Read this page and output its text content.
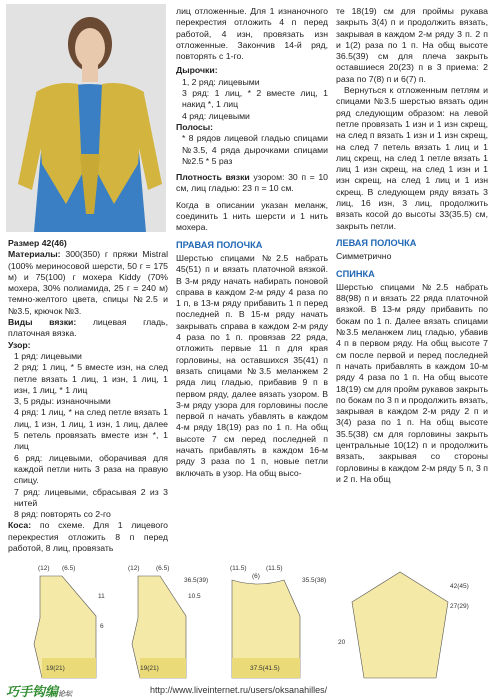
Размер 42(46)

Материалы: 300(350) г пряжи Mistral (100% мериносовой шерсти, 50 г = 175 м) и 75(100) г мохера Kiddy (70% мохера, 30% полиамида, 25 г = 240 м) темно-желтого цвета, спицы №2.5 и №3.5, крючок №3.

Виды вязки: лицевая гладь, платочная вязка.

Узор:

1 ряд: лицевыми

2 ряд: 1 лиц, * 5 вместе изн, на след петле вязать 1 лиц, 1 изн, 1 лиц, 1 изн, 1 лиц, * 1 лиц

3, 5 ряды: изнаночными

4 ряд: 1 лиц, * на след петле вязать 1 лиц, 1 изн, 1 лиц, 1 изн, 1 лиц, далее 5 петель провязать вместе изн *, 1 лиц

6 ряд: лицевыми, оборачивая для каждой петли нить 3 раза на правую спицу.

7 ряд: лицевыми, сбрасывая 2 из 3 нитей

8 ряд: повторять со 2-го

Коса: по схеме. Для 1 лицевого перекрестия отложить 8 п перед работой, 8 лиц, провязать

лиц отложенные. Для 1 изнаночного перекрестия отложить 4 п перед работой, 4 изн, провязать изн отложенные. Закончив 14-й ряд, повторять с 1-го.

Дырочки:

1, 2 ряд: лицевыми

3 ряд: 1 лиц, * 2 вместе лиц, 1 накид *, 1 лиц

4 ряд: лицевыми

Полосы:

* 8 рядов лицевой гладью спицами №3.5, 4 ряда дырочками спицами №2.5 * 5 раз

Плотность вязки узором: 30 п = 10 см, лиц гладью: 23 п = 10 см.

Когда в описании указан меланж, соединить 1 нить шерсти и 1 нить мохера.

ПРАВАЯ ПОЛОЧКА

Шерстью спицами №2.5 набрать 45(51) п и вязать платочной вязкой. В 3-м ряду начать набирать поновой справа в каждом 2-м ряду 4 раза по 1 п, в 13-м ряду прибавить 1 п перед последней п. В 15-м ряду начать закрывать справа в каждом 2-м ряду 4 раза по 1 п. провязав 22 ряда, отложить первые 11 п для края горловины, на оставшихся 35(41) п вязать спицами №3.5 меланжем 2 ряда лиц гладью, прибавив 9 п в первом ряду, далее вязать узором. В 3-м ряду узора для горловины после первой п начать убавлять в каждом 4-м ряду 18(19) раз по 1 п. На общ высоте 7 см перед последней п начать прибавлять в каждом 16-м ряду 3 раза по 1 п, новые петли включать в узор. На общ высо-

те 18(19) см для проймы рукава закрыть 3(4) п и продолжить вязать, закрывая в каждом 2-м ряду 3 п. 2 п и 1(2) раза по 1 п. На общ высоте 36.5(39) см для плеча закрыть оставшиеся 20(23) п в 3 приема: 2 раза по 7(8) п и 6(7) п.

Вернуться к отложенным петлям и спицами №3.5 шерстью вязать один ряд следующим образом: на левой петле провязать 1 изн и 1 изн скрещ, на след п вязать 1 изн и 1 изн скрещ, на след 7 петель вязать 1 лиц и 1 лиц скрещ, на след 1 петле вязать 1 лиц 1 изн скрещ, на след 1 изн и 1 изн скрещ, на след 1 лиц и 1 изн скрещ. В следующем ряду вязать 3 лиц, 16 изн, 3 лиц, продолжить вязать косой до высоты 33(35.5) см, закрыть петли.

ЛЕВАЯ ПОЛОЧКА

Симметрично

СПИНКА

Шерстью спицами №2.5 набрать 88(98) п и вязать 22 ряда платочной вязкой. В 13-м ряду прибавить по бокам по 1 п. Далее вязать спицами №3.5 меланжем лиц гладью, убавив 4 п в первом ряду. На общ высоте 7 см после первой и перед последней п начать прибавлять в каждом 10-м ряду 4 раза по 1 п. На общ высоте 18(19) см для пройм рукавов закрыть по бокам по 3 п и продолжить вязать, закрывая в каждом 2-м ряду 2 п и 3(4) раза по 1 п. На общ высоте 35.5(38) см для горловины закрыть центральные 10(12) п и продолжить вязать, закрывая со стороны горловины в каждом 2-м ряду 5 п, 3 п и 2 п. На общ

(12) (6.5)
11
6
(12)	(6.5)
10.5
36.5(39)
(11.5)	(11.5)
(6)
35.5(38)
19(21)	19(21)	37.5(41.5)
20
27(29)
42(45)
巧手钩编论坛	http://www.liveinternet.ru/users/oksanahilles/
